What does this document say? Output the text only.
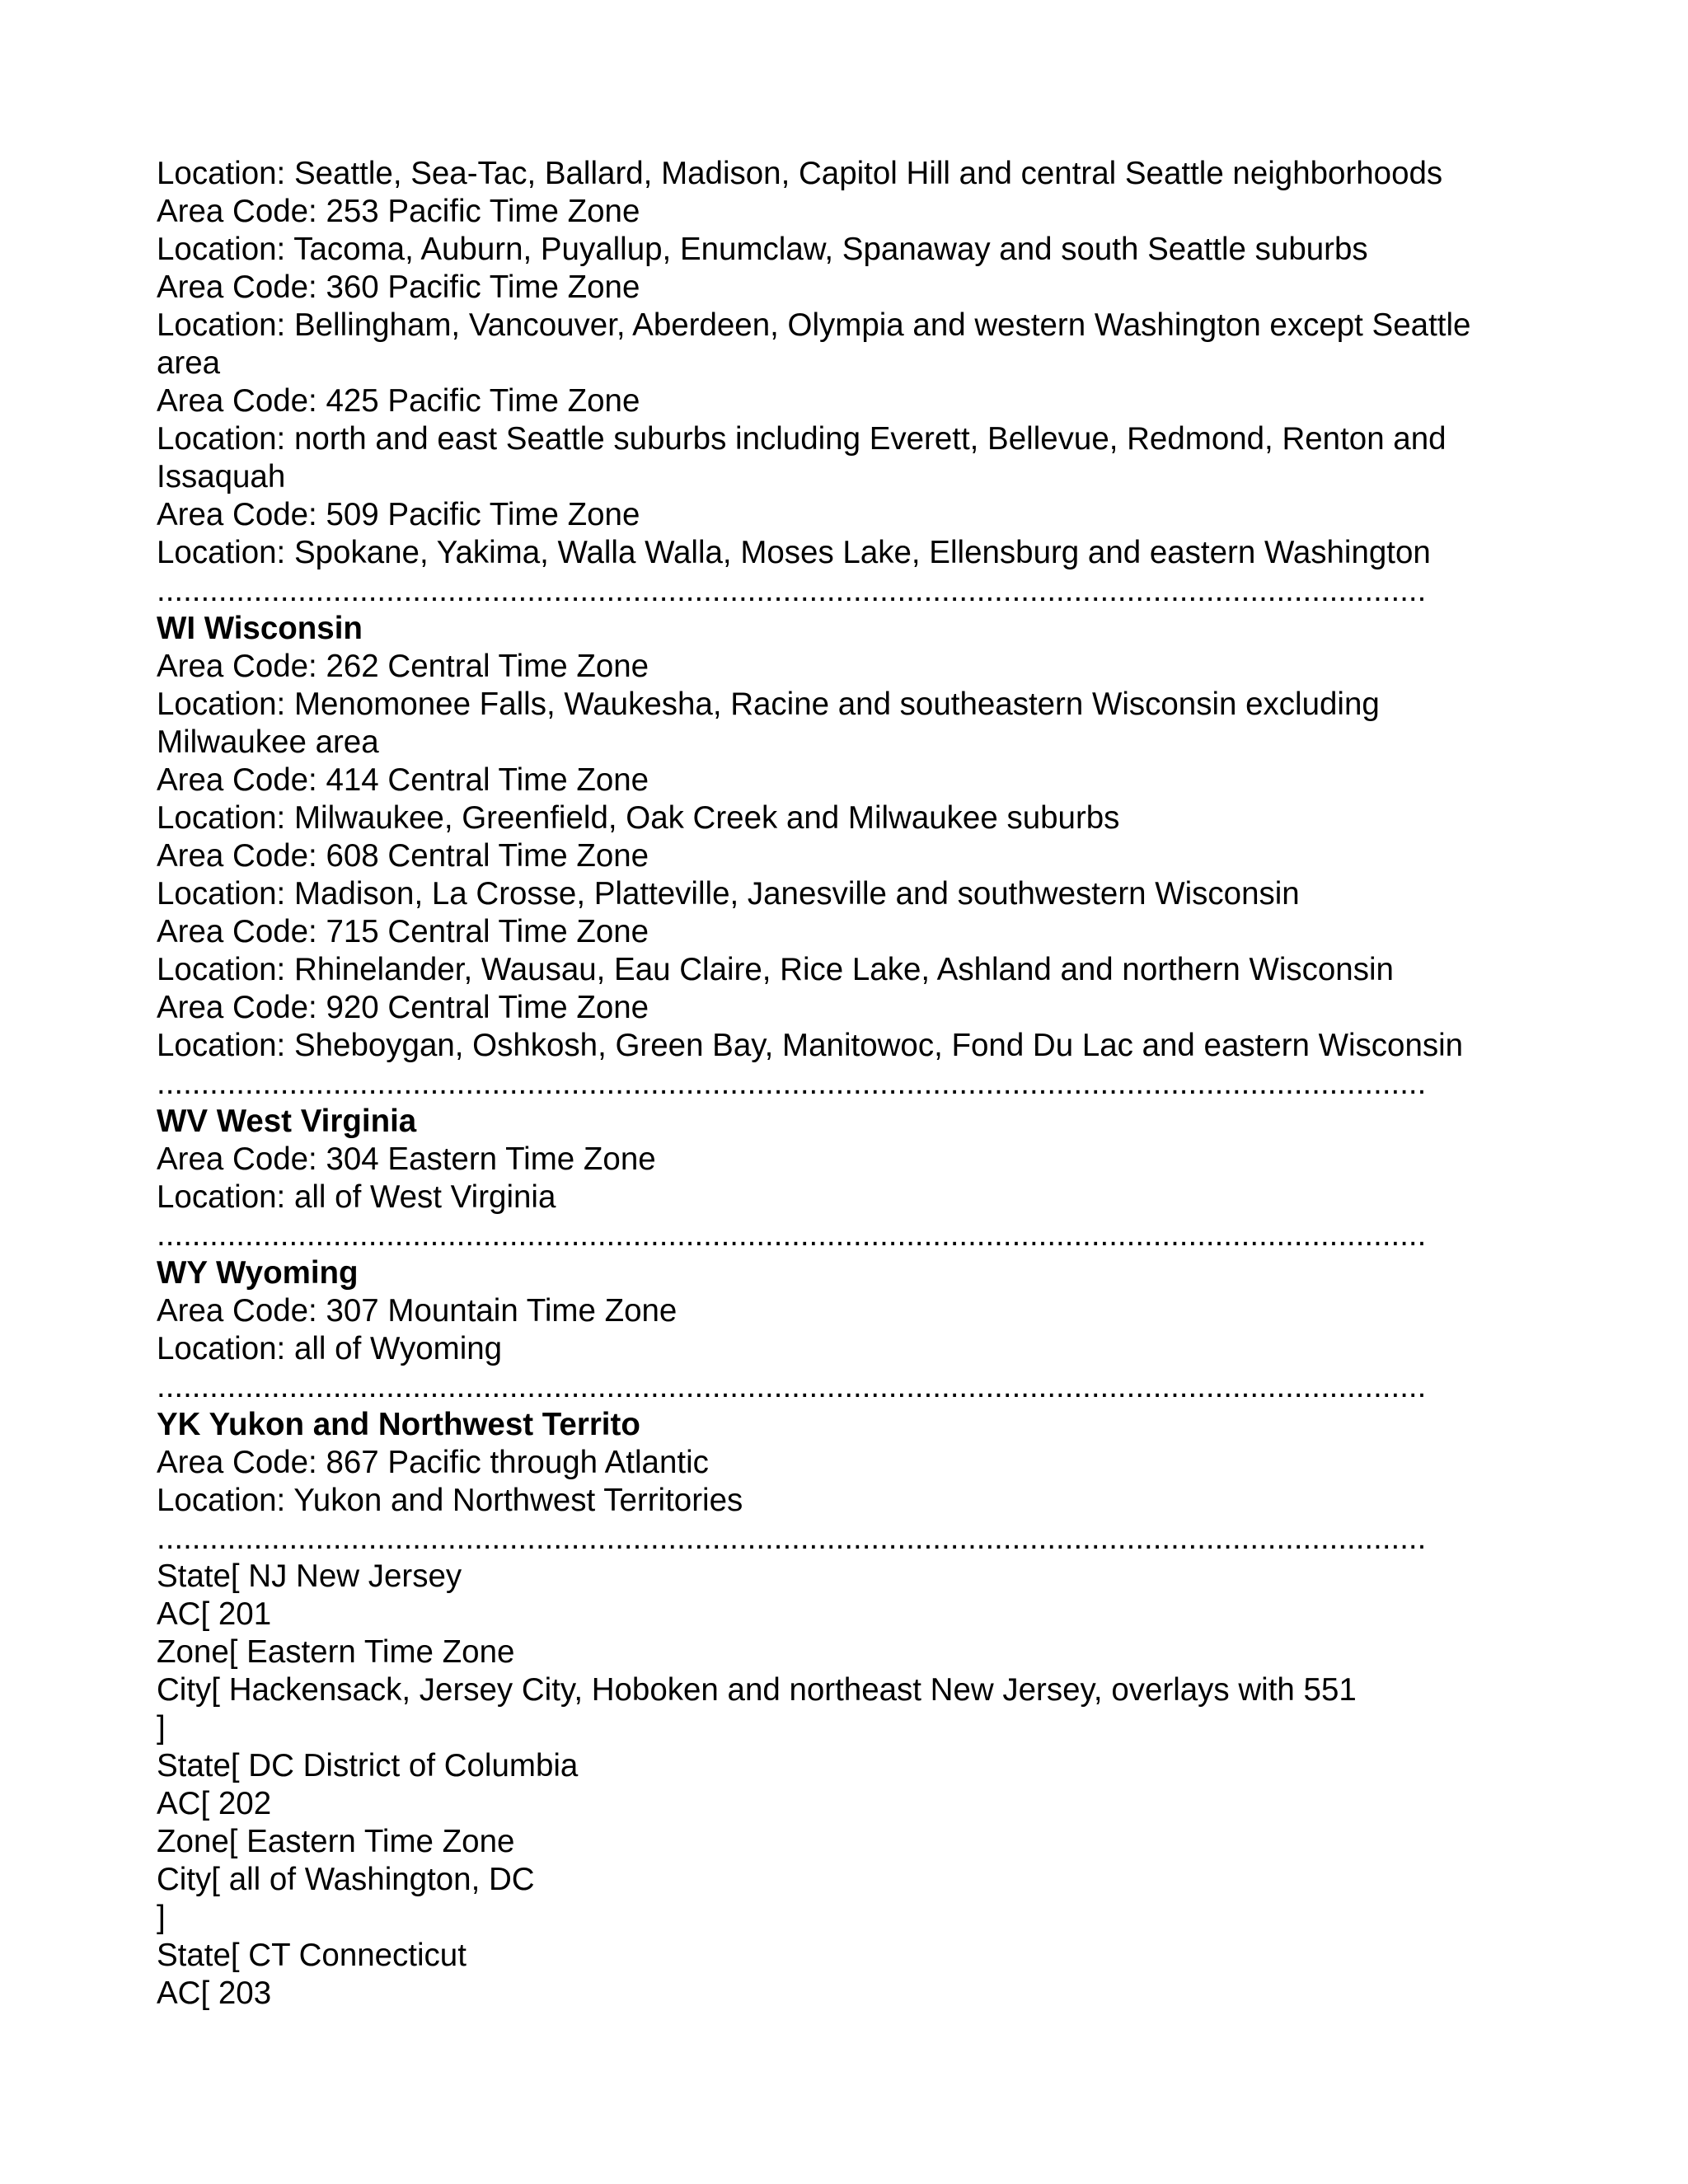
Location: Seattle, Sea-Tac, Ballard, Madison, Capitol Hill and central Seattle neighborhoods
Area Code: 253 Pacific Time Zone
Location: Tacoma, Auburn, Puyallup, Enumclaw, Spanaway and south Seattle suburbs
Area Code: 360 Pacific Time Zone
Location: Bellingham, Vancouver, Aberdeen, Olympia and western Washington except Seattle
area
Area Code: 425 Pacific Time Zone
Location: north and east Seattle suburbs including Everett, Bellevue, Redmond, Renton and
Issaquah
Area Code: 509 Pacific Time Zone
Location: Spokane, Yakima, Walla Walla, Moses Lake, Ellensburg and eastern Washington
................................................................................................................................................
WI Wisconsin
Area Code: 262 Central Time Zone
Location: Menomonee Falls, Waukesha, Racine and southeastern Wisconsin excluding
Milwaukee area
Area Code: 414 Central Time Zone
Location: Milwaukee, Greenfield, Oak Creek and Milwaukee suburbs
Area Code: 608 Central Time Zone
Location: Madison, La Crosse, Platteville, Janesville and southwestern Wisconsin
Area Code: 715 Central Time Zone
Location: Rhinelander, Wausau, Eau Claire, Rice Lake, Ashland and northern Wisconsin
Area Code: 920 Central Time Zone
Location: Sheboygan, Oshkosh, Green Bay, Manitowoc, Fond Du Lac and eastern Wisconsin
................................................................................................................................................
WV West Virginia
Area Code: 304 Eastern Time Zone
Location: all of West Virginia
................................................................................................................................................
WY Wyoming
Area Code: 307 Mountain Time Zone
Location: all of Wyoming
................................................................................................................................................
YK Yukon and Northwest Territo
Area Code: 867 Pacific through Atlantic
Location: Yukon and Northwest Territories
................................................................................................................................................
State[ NJ New Jersey
AC[ 201
Zone[ Eastern Time Zone
City[ Hackensack, Jersey City, Hoboken and northeast New Jersey, overlays with 551
]
State[ DC District of Columbia
AC[ 202
Zone[ Eastern Time Zone
City[ all of Washington, DC
]
State[ CT Connecticut
AC[ 203
